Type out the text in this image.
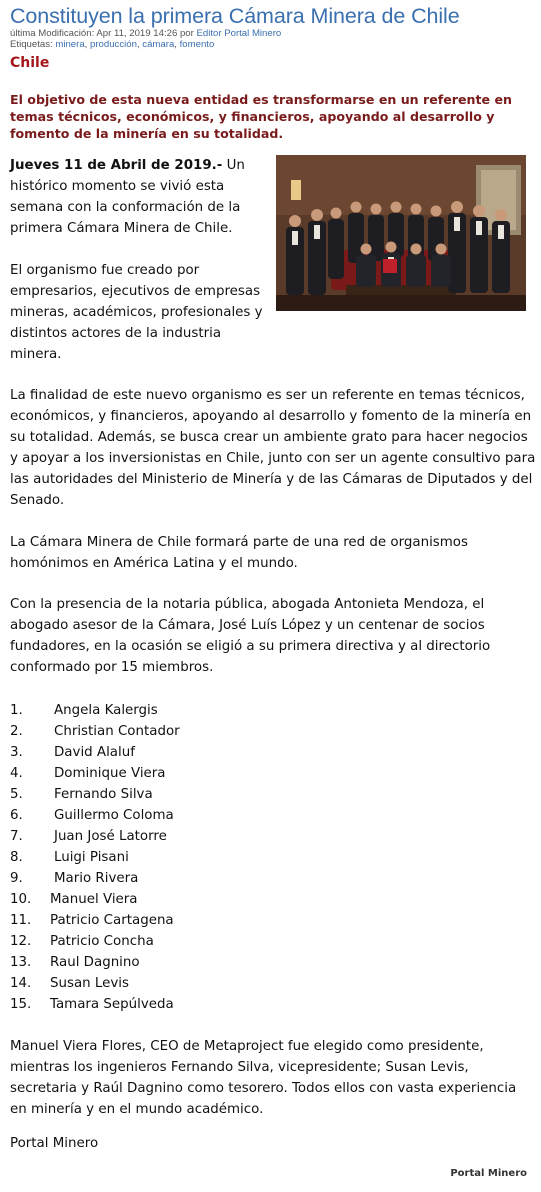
Constituyen la primera Cámara Minera de Chile
última Modificación: Apr 11, 2019 14:26 por Editor Portal Minero
Etiquetas: minera, producción, cámara, fomento
Chile
El objetivo de esta nueva entidad es transformarse en un referente en temas técnicos, económicos, y financieros, apoyando al desarrollo y fomento de la minería en su totalidad.
Jueves 11 de Abril de 2019.- Un histórico momento se vivió esta semana con la conformación de la primera Cámara Minera de Chile.
El organismo fue creado por empresarios, ejecutivos de empresas mineras, académicos, profesionales y distintos actores de la industria minera.
La finalidad de este nuevo organismo es ser un referente en temas técnicos, económicos, y financieros, apoyando al desarrollo y fomento de la minería en su totalidad. Además, se busca crear un ambiente grato para hacer negocios y apoyar a los inversionistas en Chile, junto con ser un agente consultivo para las autoridades del Ministerio de Minería y de las Cámaras de Diputados y del Senado.
La Cámara Minera de Chile formará parte de una red de organismos homónimos en América Latina y el mundo.
Con la presencia de la notaria pública, abogada Antonieta Mendoza, el abogado asesor de la Cámara, José Luís López y un centenar de socios fundadores, en la ocasión se eligió a su primera directiva y al directorio conformado por 15 miembros.
1. Angela Kalergis
2. Christian Contador
3. David Alaluf
4. Dominique Viera
5. Fernando Silva
6. Guillermo Coloma
7. Juan José Latorre
8. Luigi Pisani
9. Mario Rivera
10. Manuel Viera
11. Patricio Cartagena
12. Patricio Concha
13. Raul Dagnino
14. Susan Levis
15. Tamara Sepúlveda
Manuel Viera Flores, CEO de Metaproject fue elegido como presidente, mientras los ingenieros Fernando Silva, vicepresidente; Susan Levis, secretaria y Raúl Dagnino como tesorero. Todos ellos con vasta experiencia en minería y en el mundo académico.
Portal Minero
Portal Minero
